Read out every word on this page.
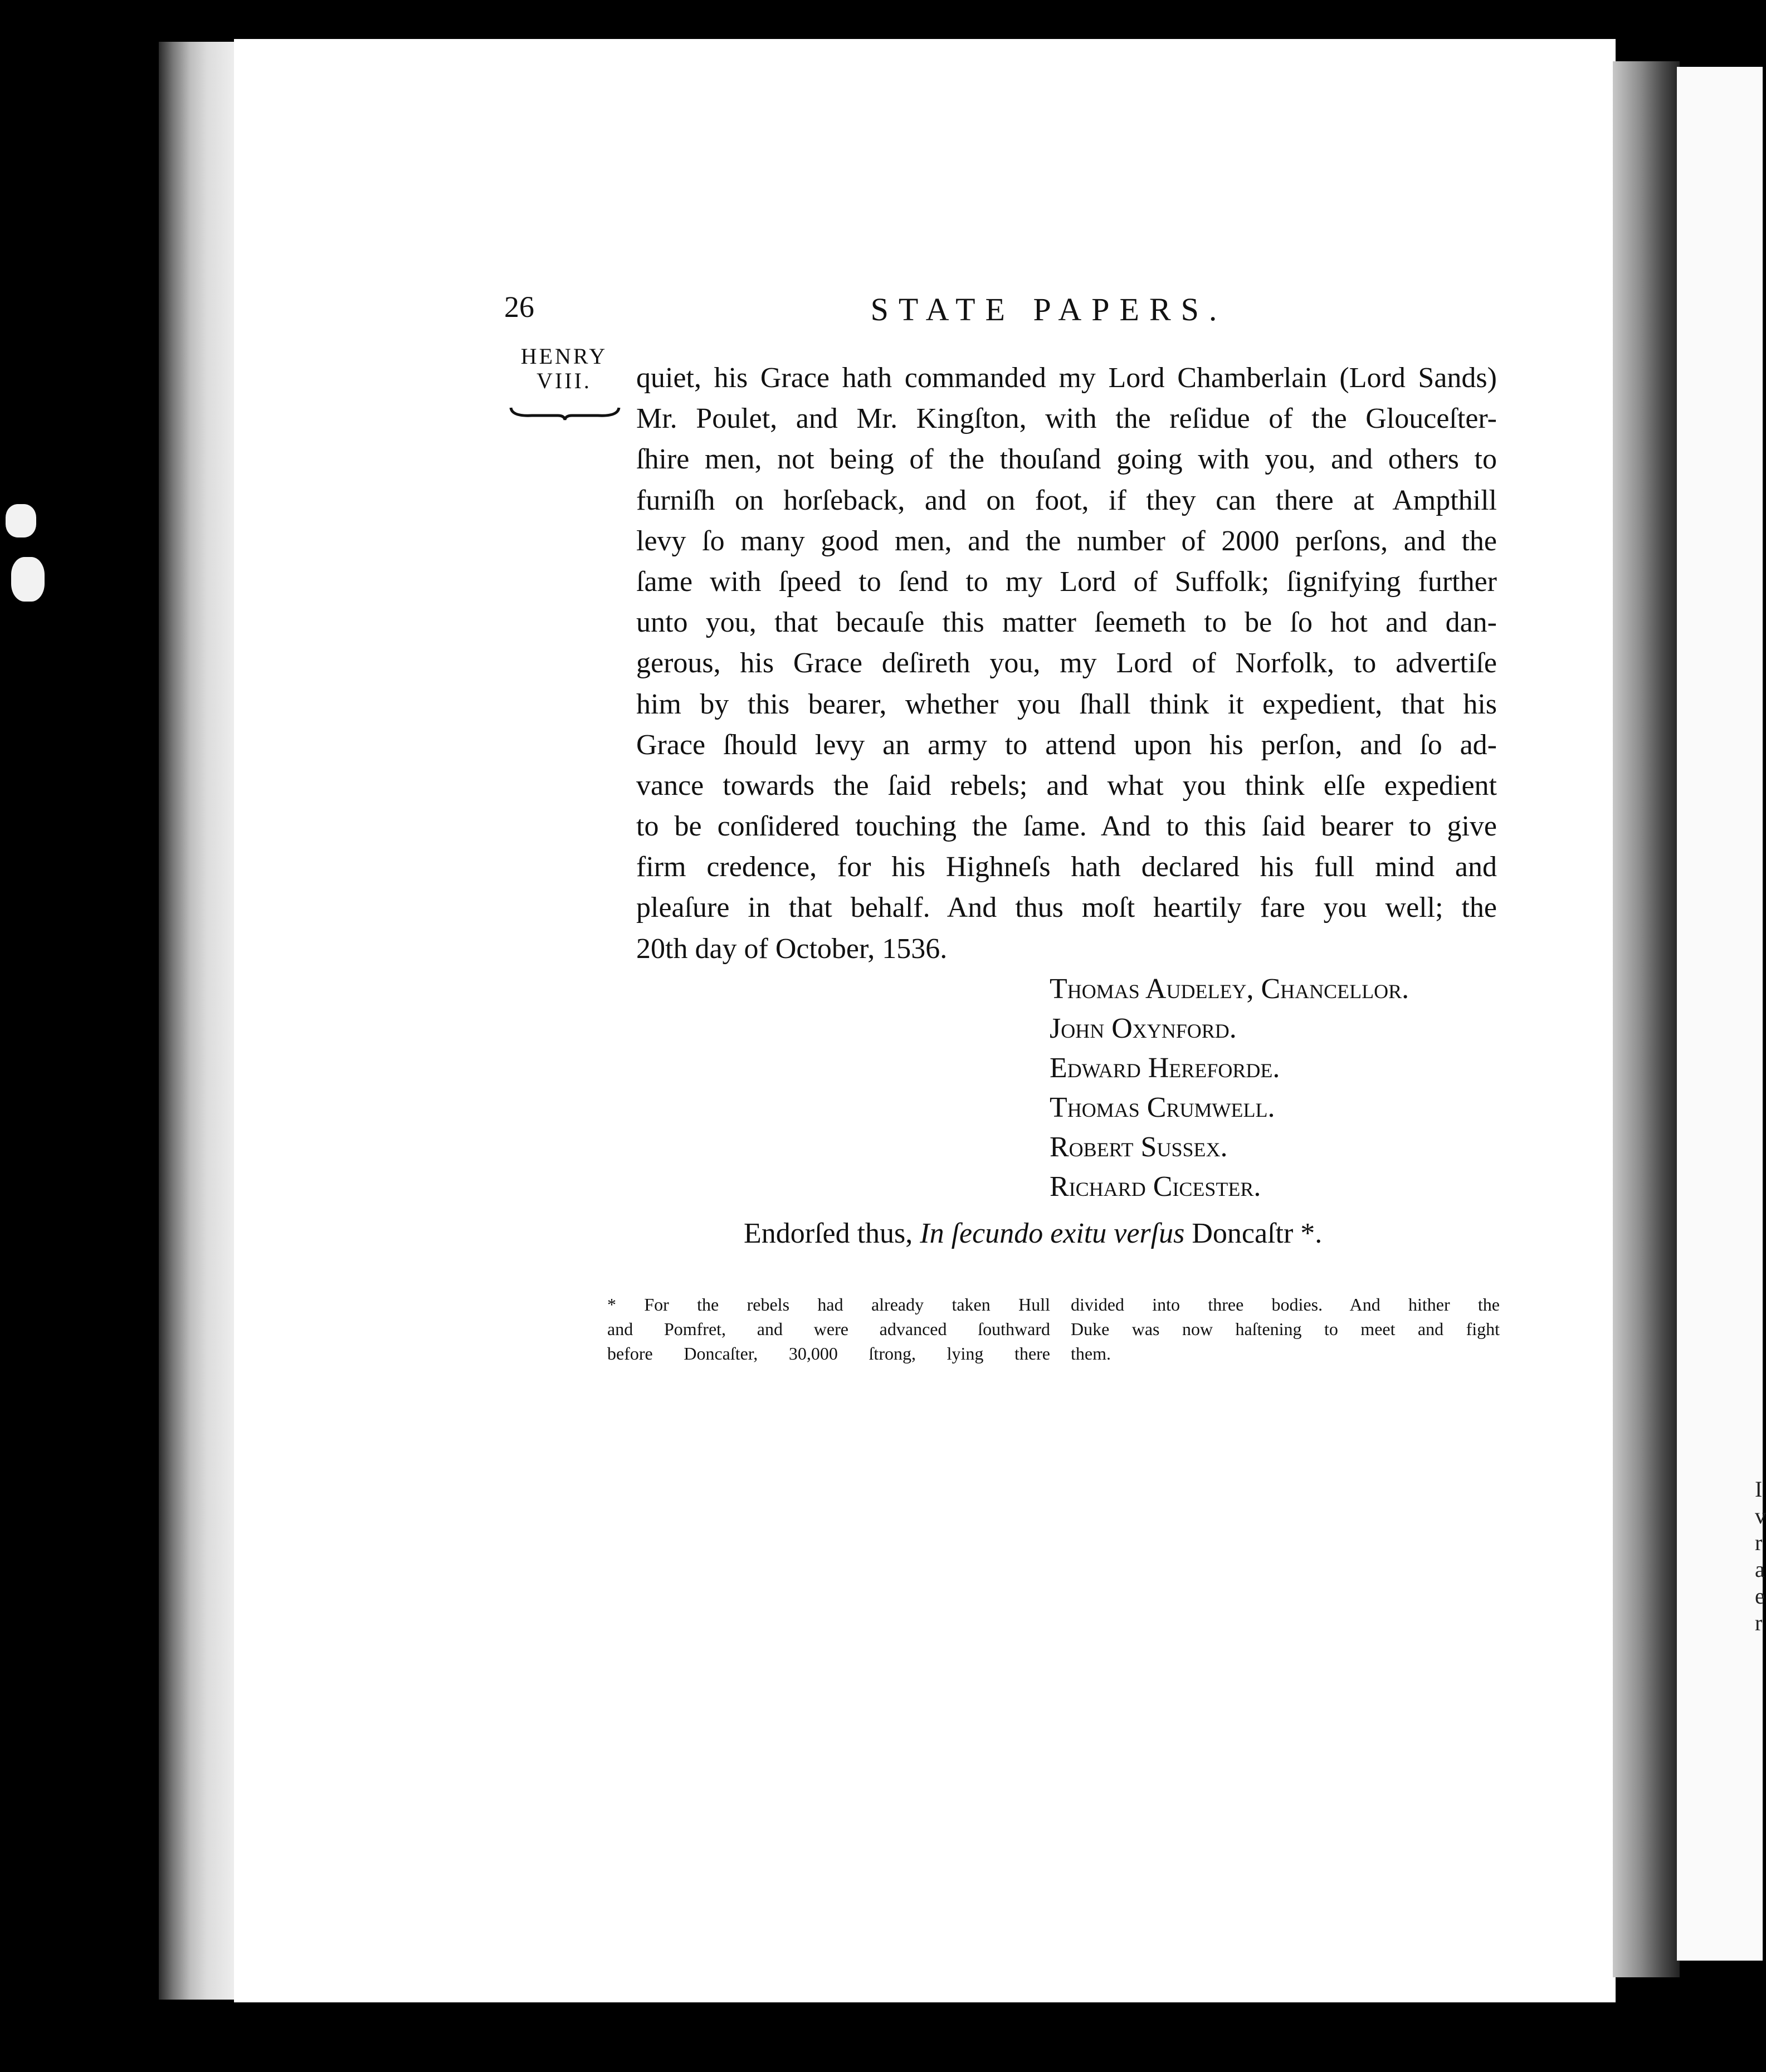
I
v
r
a
e
r
26	STATE PAPERS.
HENRY
VIII.	quiet, his Grace hath commanded my Lord Chamberlain (Lord Sands)
Mr. Poulet, and Mr. Kingſton, with the reſidue of the Glouceſter-
ſhire men, not being of the thouſand going with you, and others to
furniſh on horſeback, and on foot, if they can there at Ampthill
levy ſo many good men, and the number of 2000 perſons, and the
ſame with ſpeed to ſend to my Lord of Suffolk; ſignifying further
unto you, that becauſe this matter ſeemeth to be ſo hot and dan-
gerous, his Grace deſireth you, my Lord of Norfolk, to advertiſe
him by this bearer, whether you ſhall think it expedient, that his
Grace ſhould levy an army to attend upon his perſon, and ſo ad-
vance towards the ſaid rebels; and what you think elſe expedient
to be conſidered touching the ſame. And to this ſaid bearer to give
firm credence, for his Highneſs hath declared his full mind and
pleaſure in that behalf. And thus moſt heartily fare you well; the
20th day of October, 1536.
Thomas Audeley, Chancellor.
John Oxynford.
Edward Herefordе.
Thomas Crumwell.
Robert Sussex.
Richard Cicester.
Endorſed thus, In ſecundo exitu verſus Doncaſtr *.
* For the rebels had already taken Hull
and Pomfret, and were advanced ſouthward
before Doncaſter, 30,000 ſtrong, lying there
divided into three bodies. And hither the
Duke was now haſtening to meet and fight
them.
